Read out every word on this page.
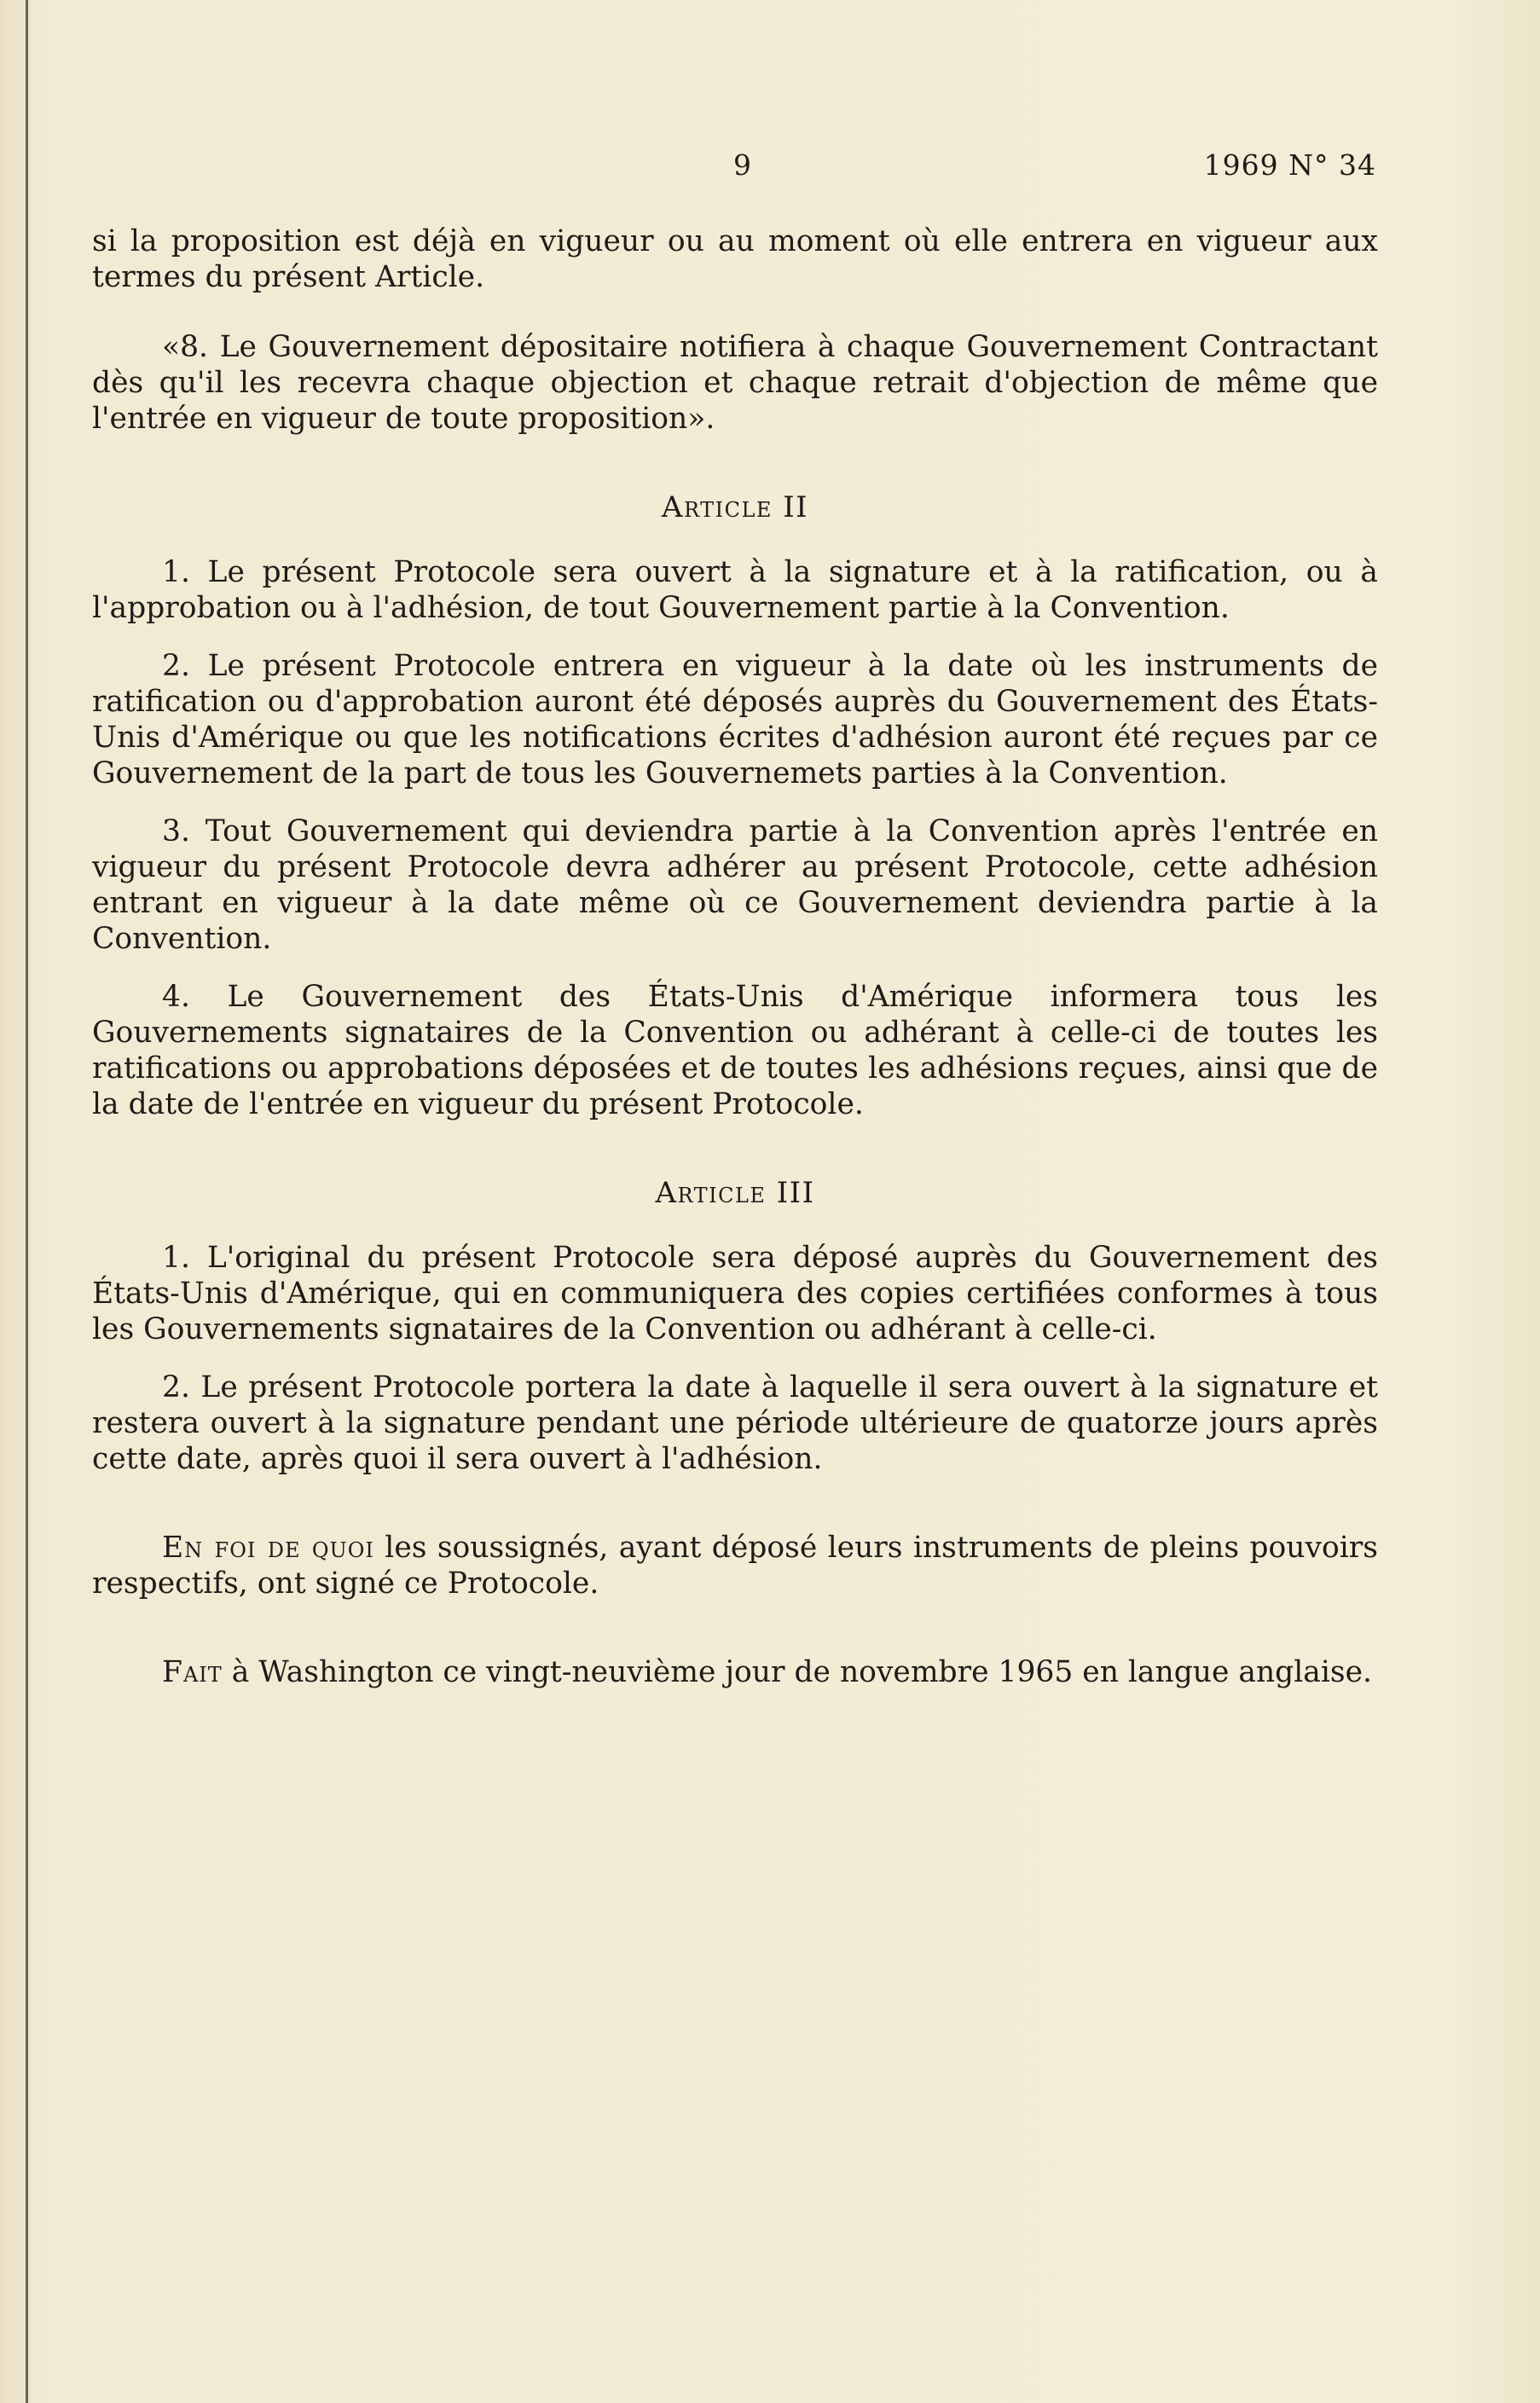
9	1969 N° 34

si la proposition est déjà en vigueur ou au moment où elle entrera en vigueur aux termes du présent Article.

«8. Le Gouvernement dépositaire notifiera à chaque Gouvernement Contractant dès qu'il les recevra chaque objection et chaque retrait d'objection de même que l'entrée en vigueur de toute proposition».

Article II

1. Le présent Protocole sera ouvert à la signature et à la ratification, ou à l'approbation ou à l'adhésion, de tout Gouvernement partie à la Convention.

2. Le présent Protocole entrera en vigueur à la date où les instruments de ratification ou d'approbation auront été déposés auprès du Gouvernement des États-Unis d'Amérique ou que les notifications écrites d'adhésion auront été reçues par ce Gouvernement de la part de tous les Gouvernemets parties à la Convention.

3. Tout Gouvernement qui deviendra partie à la Convention après l'entrée en vigueur du présent Protocole devra adhérer au présent Protocole, cette adhésion entrant en vigueur à la date même où ce Gouvernement deviendra partie à la Convention.

4. Le Gouvernement des États-Unis d'Amérique informera tous les Gouvernements signataires de la Convention ou adhérant à celle-ci de toutes les ratifications ou approbations déposées et de toutes les adhésions reçues, ainsi que de la date de l'entrée en vigueur du présent Protocole.

Article III

1. L'original du présent Protocole sera déposé auprès du Gouvernement des États-Unis d'Amérique, qui en communiquera des copies certifiées conformes à tous les Gouvernements signataires de la Convention ou adhérant à celle-ci.

2. Le présent Protocole portera la date à laquelle il sera ouvert à la signature et restera ouvert à la signature pendant une période ultérieure de quatorze jours après cette date, après quoi il sera ouvert à l'adhésion.

En foi de quoi les soussignés, ayant déposé leurs instruments de pleins pouvoirs respectifs, ont signé ce Protocole.

Fait à Washington ce vingt-neuvième jour de novembre 1965 en langue anglaise.
